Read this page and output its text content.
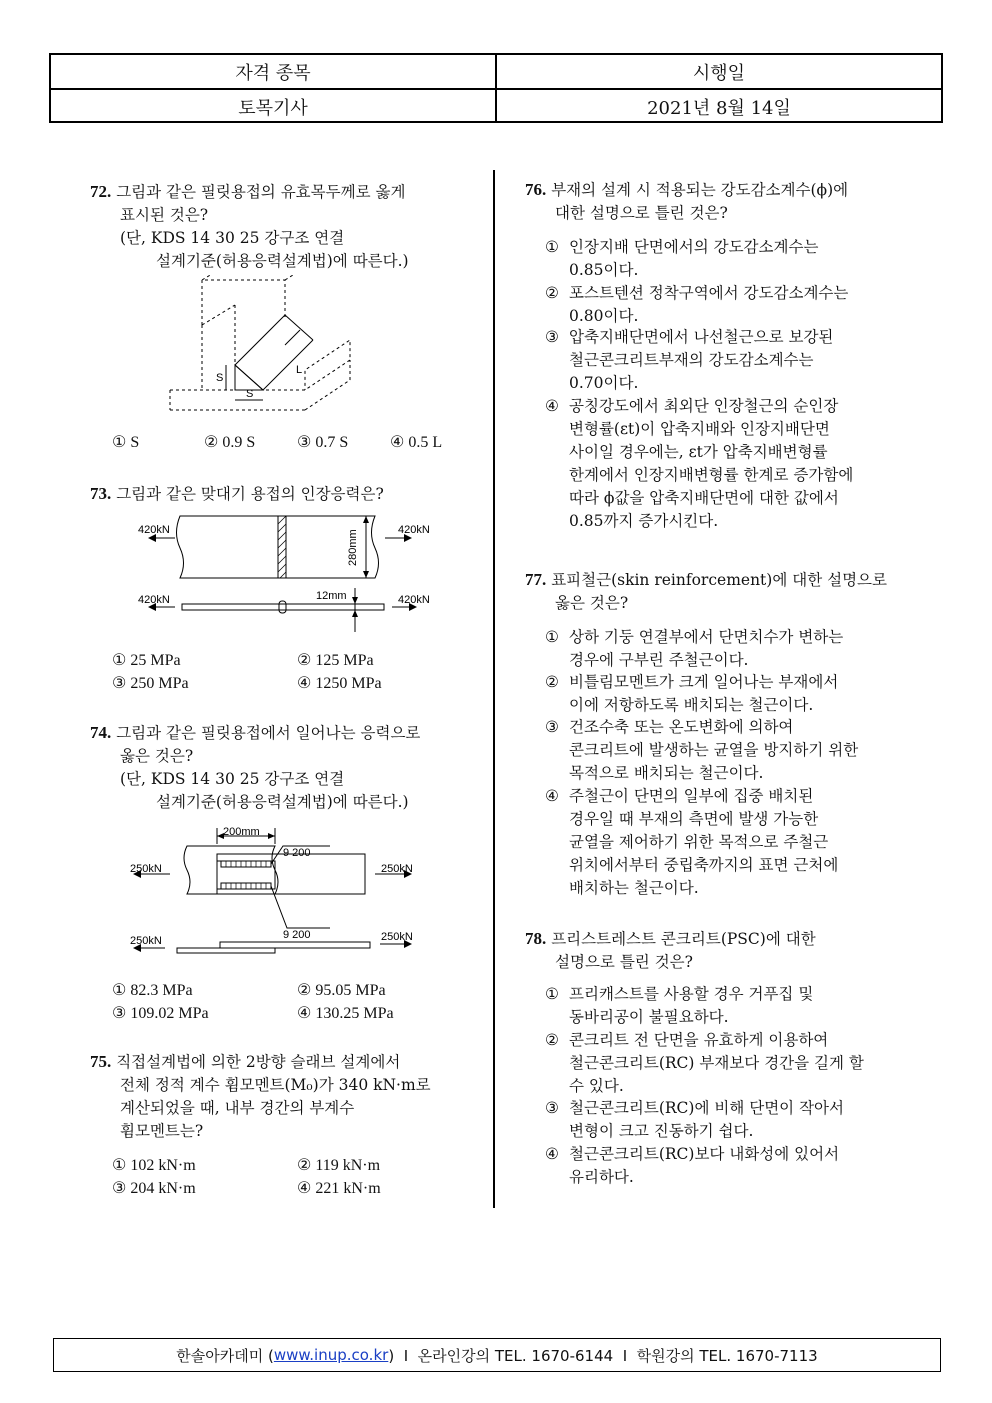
자격 종목	시행일
토목기사	2021년 8월 14일
72. 그림과 같은 필릿용접의 유효목두께로 옳게
표시된 것은?
(단, KDS 14 30 25 강구조 연결
설계기준(허용응력설계법)에 따른다.)
S
S
L
① S	② 0.9 S	③ 0.7 S	④ 0.5 L
73. 그림과 같은 맞대기 용접의 인장응력은?
420kN	420kN
420kN	420kN
12mm
280mm
① 25 MPa	② 125 MPa
③ 250 MPa	④ 1250 MPa
74. 그림과 같은 필릿용접에서 일어나는 응력으로
옳은 것은?
(단, KDS 14 30 25 강구조 연결
설계기준(허용응력설계법)에 따른다.)
200mm
9 200
9 200
250kN	250kN
250kN	250kN
① 82.3 MPa	② 95.05 MPa
③ 109.02 MPa	④ 130.25 MPa
75. 직접설계법에 의한 2방향 슬래브 설계에서
전체 정적 계수 휨모멘트(M₀)가 340 kN·m로
계산되었을 때, 내부 경간의 부계수
휨모멘트는?
① 102 kN·m	② 119 kN·m
③ 204 kN·m	④ 221 kN·m
76. 부재의 설계 시 적용되는 강도감소계수(ϕ)에
대한 설명으로 틀린 것은?
① 인장지배 단면에서의 강도감소계수는
0.85이다.
② 포스트텐션 정착구역에서 강도감소계수는
0.80이다.
③ 압축지배단면에서 나선철근으로 보강된
철근콘크리트부재의 강도감소계수는
0.70이다.
④ 공칭강도에서 최외단 인장철근의 순인장
변형률(εt)이 압축지배와 인장지배단면
사이일 경우에는, εt가 압축지배변형률
한계에서 인장지배변형률 한계로 증가함에
따라 ϕ값을 압축지배단면에 대한 값에서
0.85까지 증가시킨다.
77. 표피철근(skin reinforcement)에 대한 설명으로
옳은 것은?
① 상하 기둥 연결부에서 단면치수가 변하는
경우에 구부린 주철근이다.
② 비틀림모멘트가 크게 일어나는 부재에서
이에 저항하도록 배치되는 철근이다.
③ 건조수축 또는 온도변화에 의하여
콘크리트에 발생하는 균열을 방지하기 위한
목적으로 배치되는 철근이다.
④ 주철근이 단면의 일부에 집중 배치된
경우일 때 부재의 측면에 발생 가능한
균열을 제어하기 위한 목적으로 주철근
위치에서부터 중립축까지의 표면 근처에
배치하는 철근이다.
78. 프리스트레스트 콘크리트(PSC)에 대한
설명으로 틀린 것은?
① 프리캐스트를 사용할 경우 거푸집 및
동바리공이 불필요하다.
② 콘크리트 전 단면을 유효하게 이용하여
철근콘크리트(RC) 부재보다 경간을 길게 할
수 있다.
③ 철근콘크리트(RC)에 비해 단면이 작아서
변형이 크고 진동하기 쉽다.
④ 철근콘크리트(RC)보다 내화성에 있어서
유리하다.
한솔아카데미 ( www.inup.co.kr )  I  온라인강의 TEL. 1670-6144  I  학원강의 TEL. 1670-7113
